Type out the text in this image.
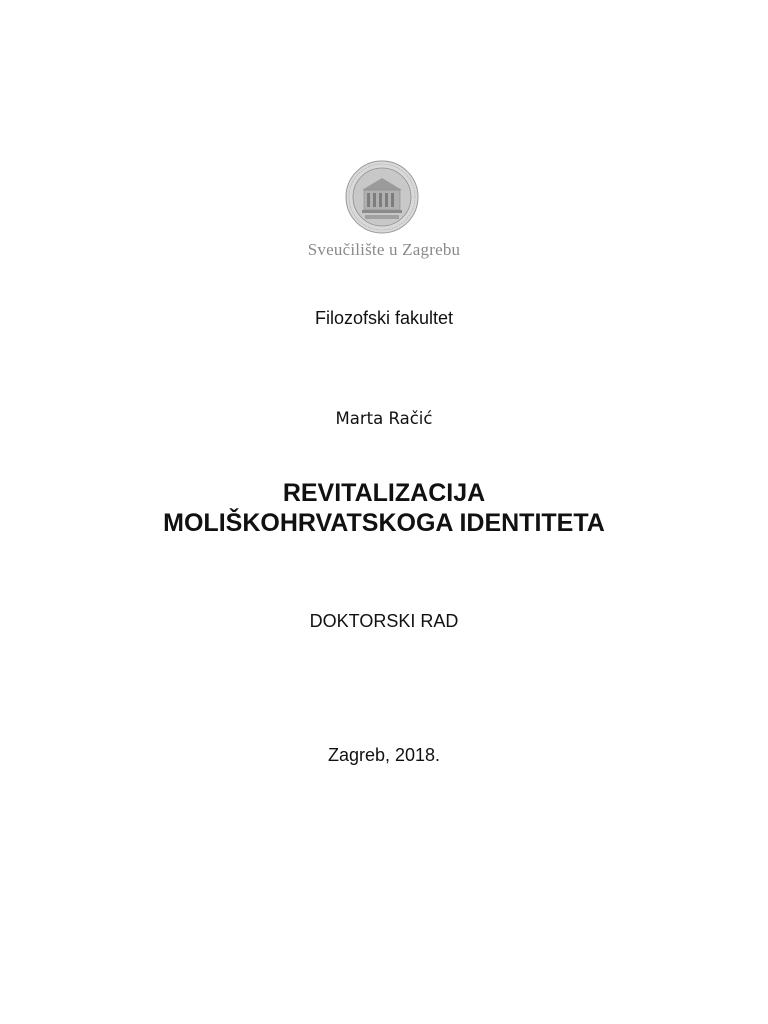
Sveučilište u Zagrebu
Filozofski fakultet
Marta Račić
REVITALIZACIJA
MOLIŠKOHRVATSKOGA IDENTITETA
DOKTORSKI RAD
Zagreb, 2018.
